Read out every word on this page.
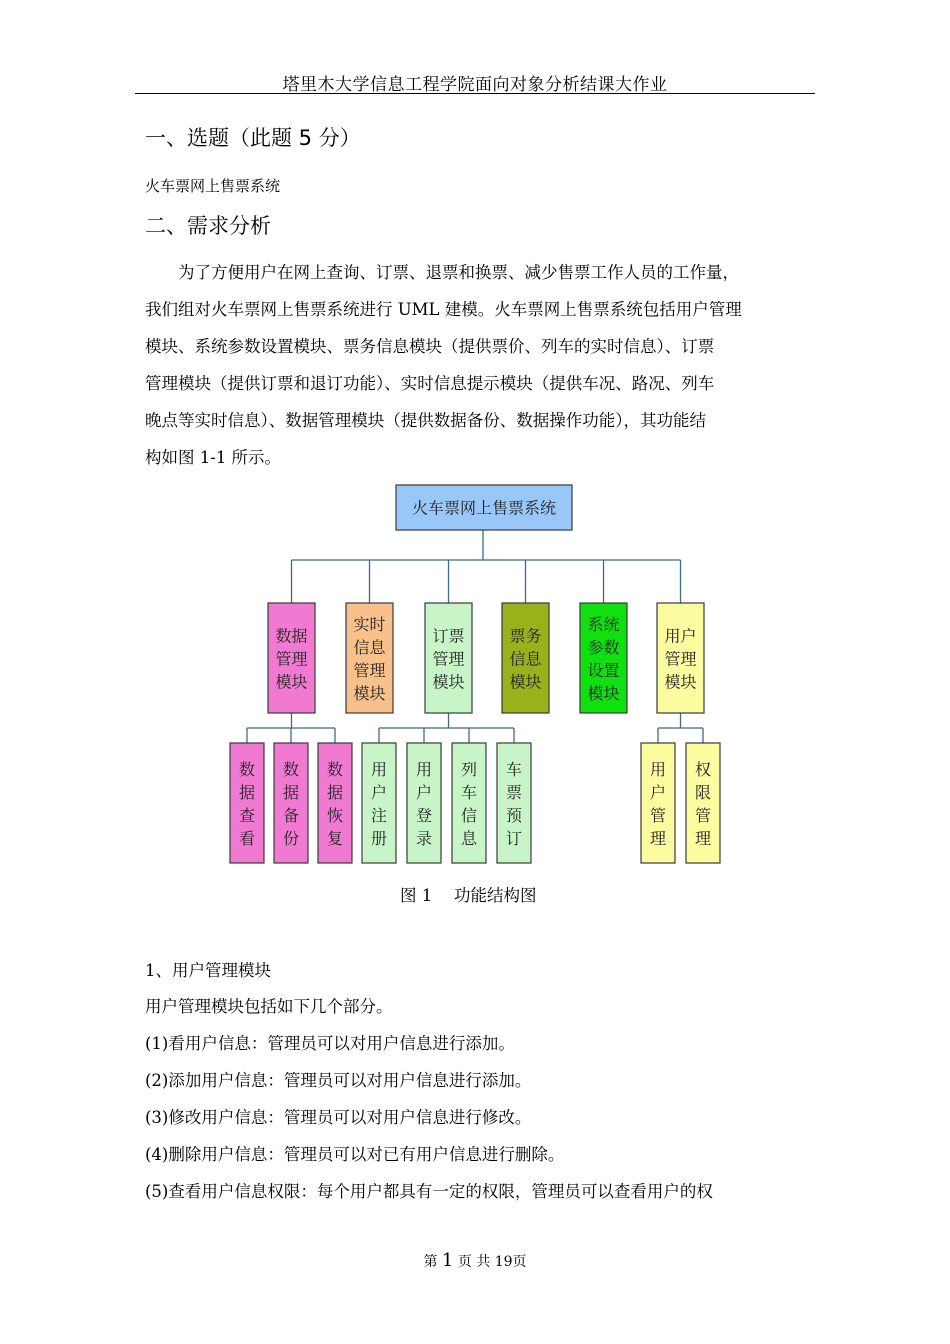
塔里木大学信息工程学院面向对象分析结课大作业
一、选题（此题 5 分）
火车票网上售票系统
二、需求分析
　　为了方便用户在网上查询、订票、退票和换票、减少售票工作人员的工作量，
我们组对火车票网上售票系统进行 UML 建模。火车票网上售票系统包括用户管理
模块、系统参数设置模块、票务信息模块（提供票价、列车的实时信息）、订票
管理模块（提供订票和退订功能）、实时信息提示模块（提供车况、路况、列车
晚点等实时信息）、数据管理模块（提供数据备份、数据操作功能），其功能结
构如图 1-1 所示。
火车票网上售票系统
数据
管理
模块
实时
信息
管理
模块
订票
管理
模块
票务
信息
模块
系统
参数
设置
模块
用户
管理
模块
数
据
查
看
数
据
备
份
数
据
恢
复
用
户
注
册
用
户
登
录
列
车
信
息
车
票
预
订
用
户
管
理
权
限
管
理
图 1　 功能结构图
1、用户管理模块
用户管理模块包括如下几个部分。
(1)看用户信息：管理员可以对用户信息进行添加。
(2)添加用户信息：管理员可以对用户信息进行添加。
(3)修改用户信息：管理员可以对用户信息进行修改。
(4)删除用户信息：管理员可以对已有用户信息进行删除。
(5)查看用户信息权限：每个用户都具有一定的权限，管理员可以查看用户的权
第 1 页 共 19页
